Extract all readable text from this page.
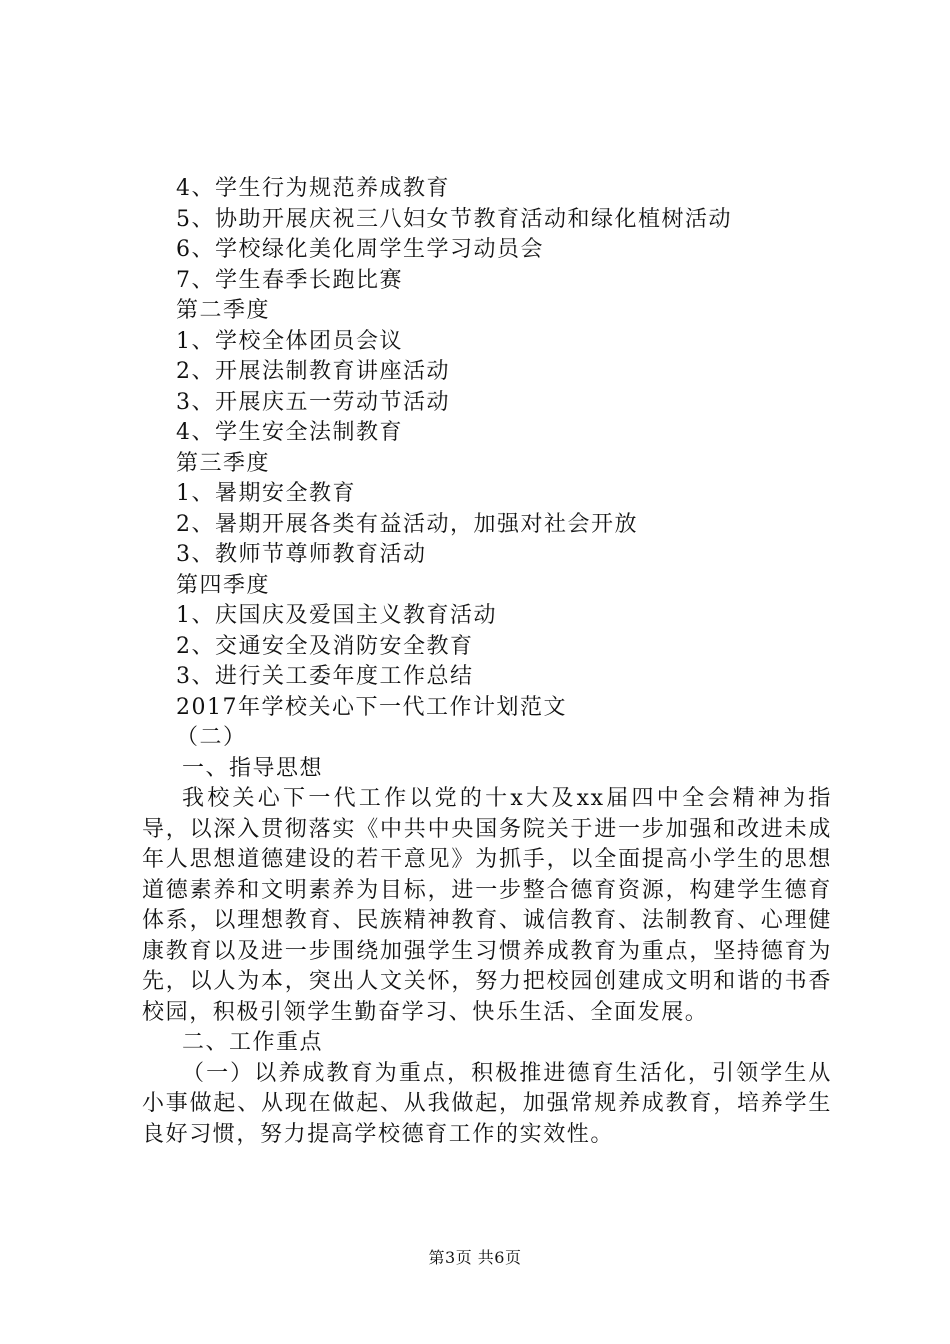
4、学生行为规范养成教育
5、协助开展庆祝三八妇女节教育活动和绿化植树活动
6、学校绿化美化周学生学习动员会
7、学生春季长跑比赛
第二季度
1、学校全体团员会议
2、开展法制教育讲座活动
3、开展庆五一劳动节活动
4、学生安全法制教育
第三季度
1、暑期安全教育
2、暑期开展各类有益活动，加强对社会开放
3、教师节尊师教育活动
第四季度
1、庆国庆及爱国主义教育活动
2、交通安全及消防安全教育
3、进行关工委年度工作总结
2017年学校关心下一代工作计划范文
（二）
一、指导思想
我校关心下一代工作以党的十x大及xx届四中全会精神为指导，以深入贯彻落实《中共中央国务院关于进一步加强和改进未成年人思想道德建设的若干意见》为抓手，以全面提高小学生的思想道德素养和文明素养为目标，进一步整合德育资源，构建学生德育体系，以理想教育、民族精神教育、诚信教育、法制教育、心理健康教育以及进一步围绕加强学生习惯养成教育为重点，坚持德育为先，以人为本，突出人文关怀，努力把校园创建成文明和谐的书香校园，积极引领学生勤奋学习、快乐生活、全面发展。
二、工作重点
（一）以养成教育为重点，积极推进德育生活化，引领学生从小事做起、从现在做起、从我做起，加强常规养成教育，培养学生良好习惯，努力提高学校德育工作的实效性。
第3页 共6页
